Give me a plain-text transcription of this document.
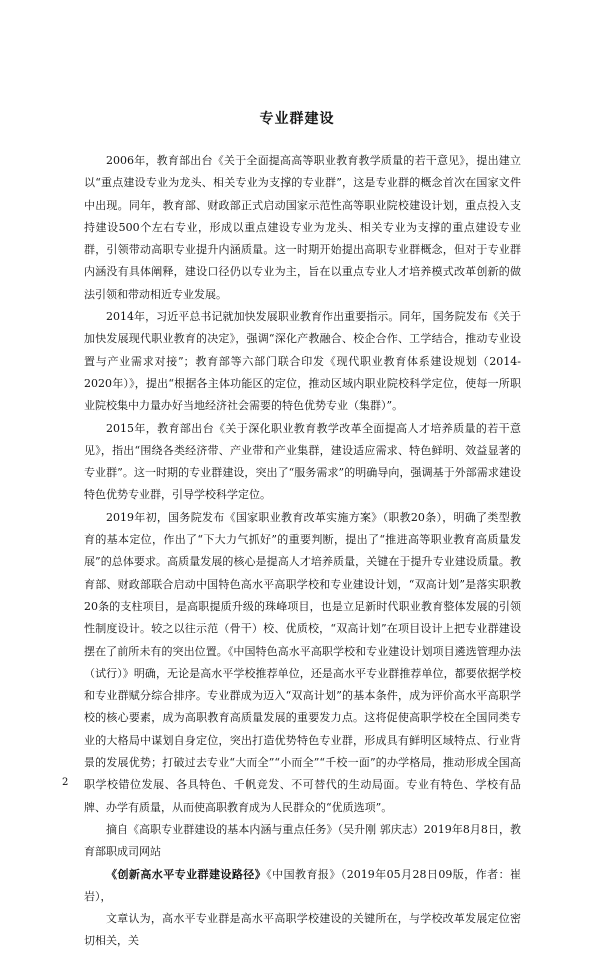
专业群建设

2006年，教育部出台《关于全面提高高等职业教育教学质量的若干意见》，提出建立以“重点建设专业为龙头、相关专业为支撑的专业群”，这是专业群的概念首次在国家文件中出现。同年，教育部、财政部正式启动国家示范性高等职业院校建设计划，重点投入支持建设500个左右专业，形成以重点建设专业为龙头、相关专业为支撑的重点建设专业群，引领带动高职专业提升内涵质量。这一时期开始提出高职专业群概念，但对于专业群内涵没有具体阐释，建设口径仍以专业为主，旨在以重点专业人才培养模式改革创新的做法引领和带动相近专业发展。

2014年，习近平总书记就加快发展职业教育作出重要指示。同年，国务院发布《关于加快发展现代职业教育的决定》，强调“深化产教融合、校企合作、工学结合，推动专业设置与产业需求对接”；教育部等六部门联合印发《现代职业教育体系建设规划（2014-2020年）》，提出“根据各主体功能区的定位，推动区域内职业院校科学定位，使每一所职业院校集中力量办好当地经济社会需要的特色优势专业（集群）”。

2015年，教育部出台《关于深化职业教育教学改革全面提高人才培养质量的若干意见》，指出“围绕各类经济带、产业带和产业集群，建设适应需求、特色鲜明、效益显著的专业群”。这一时期的专业群建设，突出了“服务需求”的明确导向，强调基于外部需求建设特色优势专业群，引导学校科学定位。

2019年初，国务院发布《国家职业教育改革实施方案》（职教20条），明确了类型教育的基本定位，作出了“下大力气抓好”的重要判断，提出了“推进高等职业教育高质量发展”的总体要求。高质量发展的核心是提高人才培养质量，关键在于提升专业建设质量。教育部、财政部联合启动中国特色高水平高职学校和专业建设计划，“双高计划”是落实职教20条的支柱项目，是高职提质升级的珠峰项目，也是立足新时代职业教育整体发展的引领性制度设计。较之以往示范（骨干）校、优质校，“双高计划”在项目设计上把专业群建设摆在了前所未有的突出位置。《中国特色高水平高职学校和专业建设计划项目遴选管理办法（试行）》明确，无论是高水平学校推荐单位，还是高水平专业群推荐单位，都要依据学校和专业群赋分综合排序。专业群成为迈入“双高计划”的基本条件，成为评价高水平高职学校的核心要素，成为高职教育高质量发展的重要发力点。这将促使高职学校在全国同类专业的大格局中谋划自身定位，突出打造优势特色专业群，形成具有鲜明区域特点、行业背景的发展优势；打破过去专业“大而全”“小而全”“千校一面”的办学格局，推动形成全国高职学校错位发展、各具特色、千帆竞发、不可替代的生动局面。专业有特色、学校有品牌、办学有质量，从而使高职教育成为人民群众的“优质选项”。

摘自《高职专业群建设的基本内涵与重点任务》（吴升刚 郭庆志）2019年8月8日，教育部职成司网站

《创新高水平专业群建设路径》《中国教育报》（2019年05月28日09版，作者：崔岩），

文章认为，高水平专业群是高水平高职学校建设的关键所在，与学校改革发展定位密切相关，关

2
